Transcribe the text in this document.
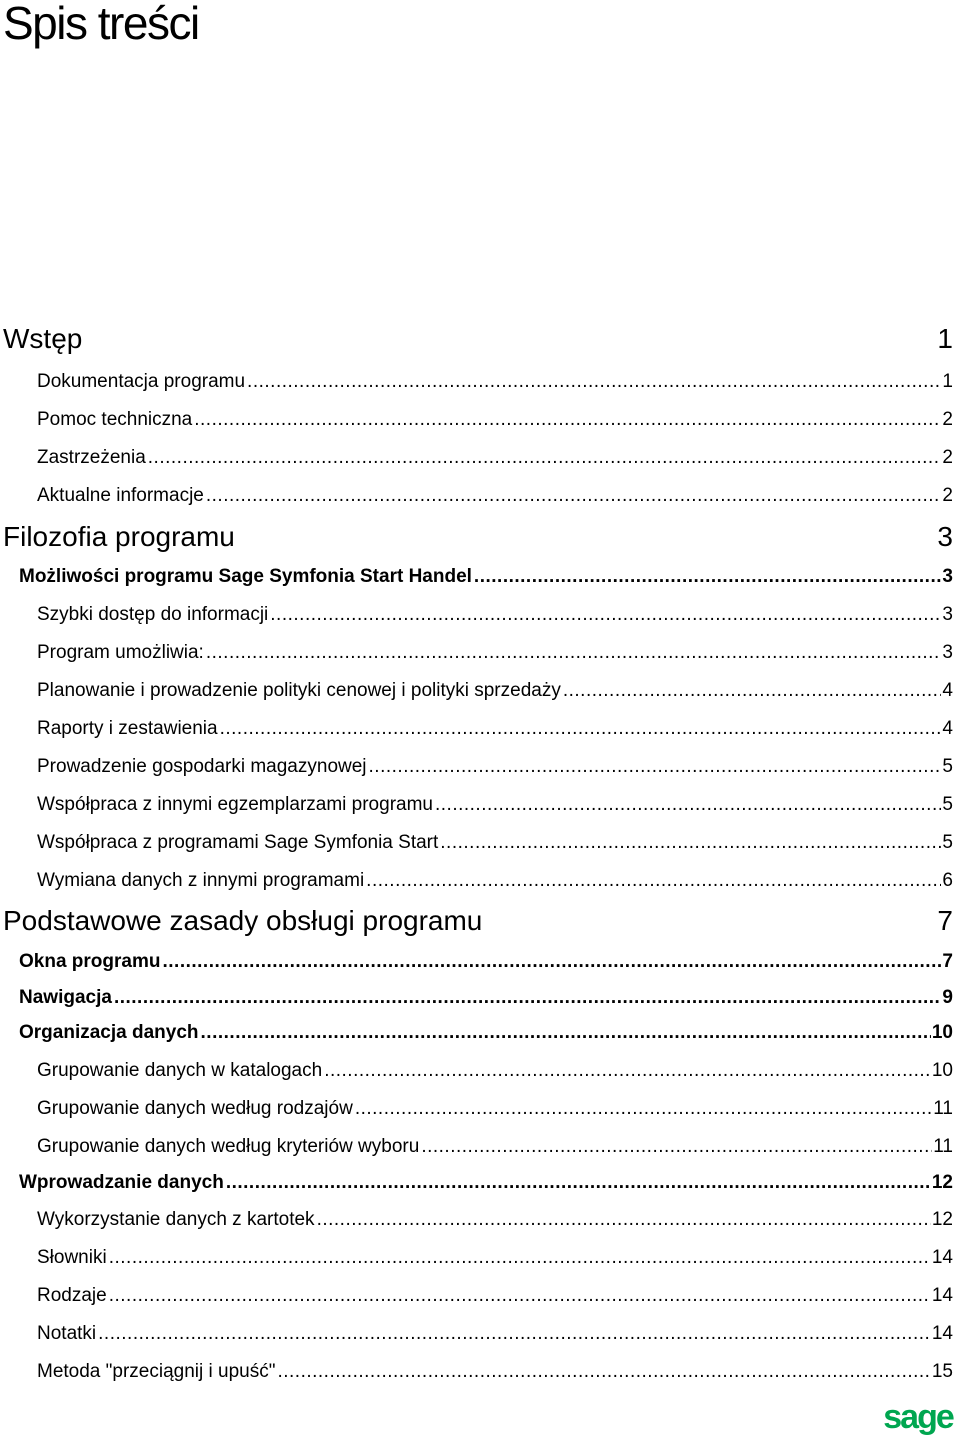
Spis treści
Wstęp	1
Dokumentacja programu .....	1
Pomoc techniczna .....	2
Zastrzeżenia .....	2
Aktualne informacje .....	2
Filozofia programu	3
Możliwości programu Sage Symfonia Start Handel .....	3
Szybki dostęp do informacji .....	3
Program umożliwia: .....	3
Planowanie i prowadzenie polityki cenowej i polityki sprzedaży .....	4
Raporty i zestawienia .....	4
Prowadzenie gospodarki magazynowej .....	5
Współpraca z innymi egzemplarzami programu .....	5
Współpraca z programami Sage Symfonia Start .....	5
Wymiana danych z innymi programami .....	6
Podstawowe zasady obsługi programu	7
Okna programu .....	7
Nawigacja .....	9
Organizacja danych .....	10
Grupowanie danych w katalogach .....	10
Grupowanie danych według rodzajów .....	11
Grupowanie danych według kryteriów wyboru .....	11
Wprowadzanie danych .....	12
Wykorzystanie danych z kartotek .....	12
Słowniki .....	14
Rodzaje .....	14
Notatki .....	14
Metoda "przeciągnij i upuść" .....	15
sage
